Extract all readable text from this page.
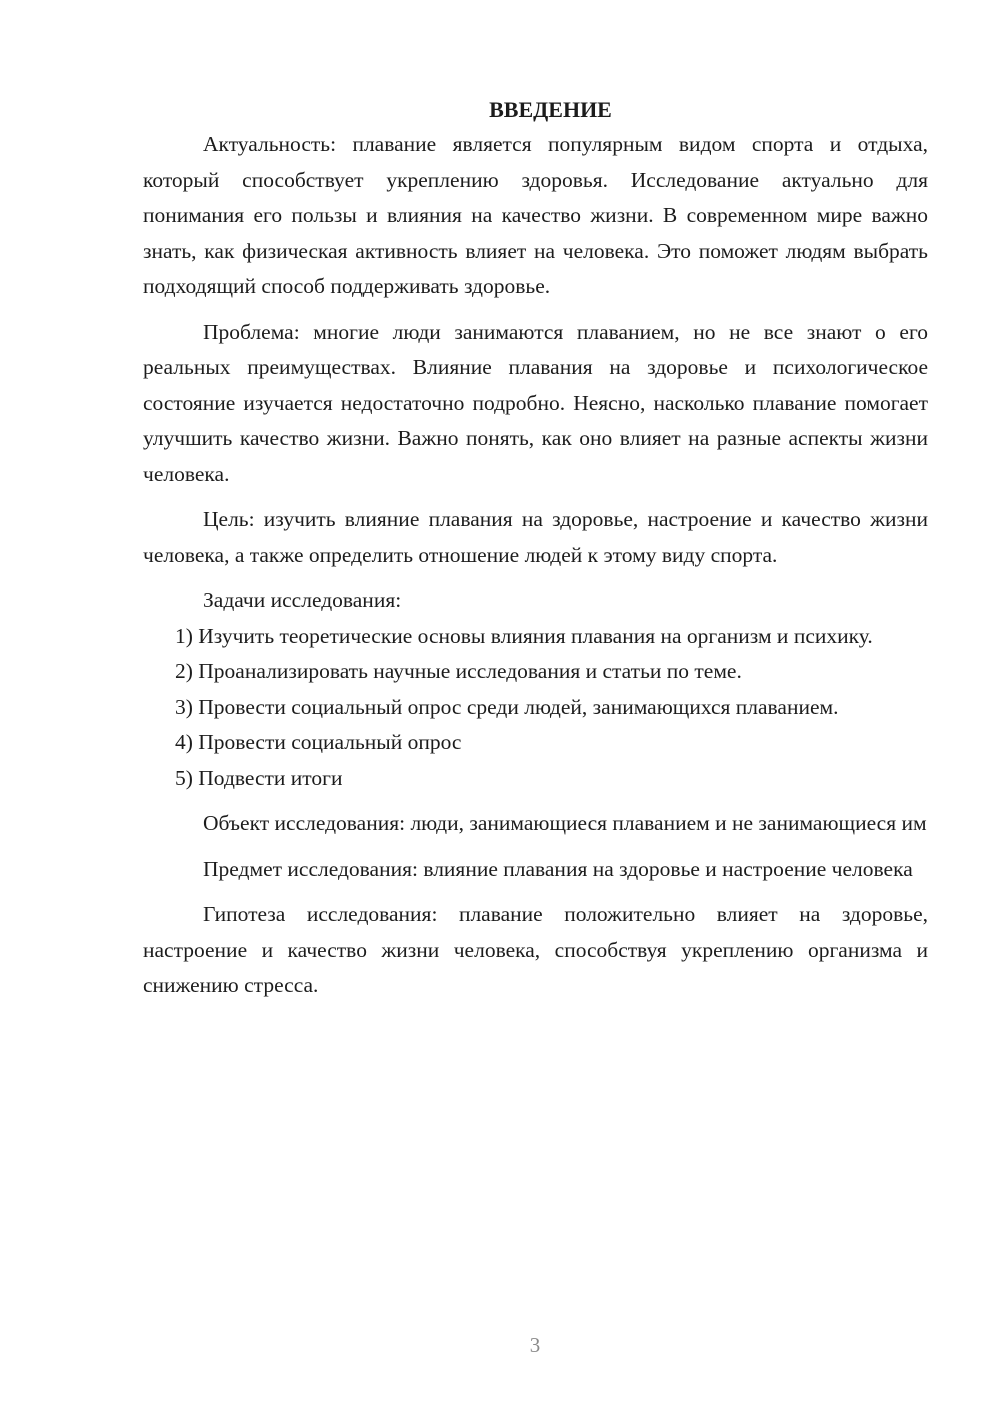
ВВЕДЕНИЕ

Актуальность: плавание является популярным видом спорта и отдыха, который способствует укреплению здоровья. Исследование актуально для понимания его пользы и влияния на качество жизни. В современном мире важно знать, как физическая активность влияет на человека. Это поможет людям выбрать подходящий способ поддерживать здоровье.

Проблема: многие люди занимаются плаванием, но не все знают о его реальных преимуществах. Влияние плавания на здоровье и психологическое состояние изучается недостаточно подробно. Неясно, насколько плавание помогает улучшить качество жизни. Важно понять, как оно влияет на разные аспекты жизни человека.

Цель: изучить влияние плавания на здоровье, настроение и качество жизни человека, а также определить отношение людей к этому виду спорта.

Задачи исследования:

1) Изучить теоретические основы влияния плавания на организм и психику.

2) Проанализировать научные исследования и статьи по теме.

3) Провести социальный опрос среди людей, занимающихся плаванием.

4) Провести социальный опрос

5) Подвести итоги

Объект исследования: люди, занимающиеся плаванием и не занимающиеся им

Предмет исследования: влияние плавания на здоровье и настроение человека

Гипотеза исследования: плавание положительно влияет на здоровье, настроение и качество жизни человека, способствуя укреплению организма и снижению стресса.

3
